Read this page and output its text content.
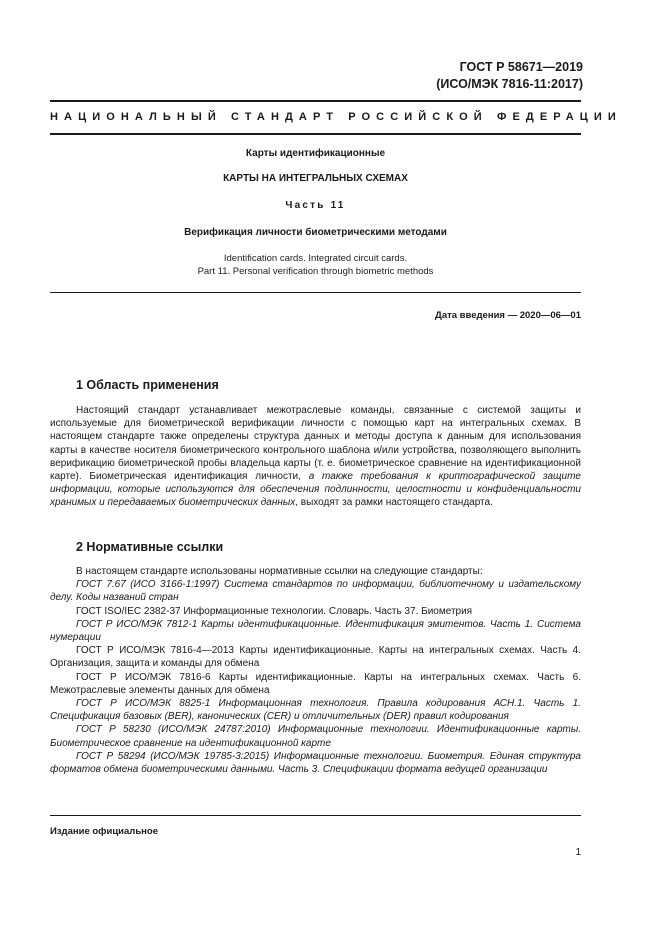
ГОСТ Р 58671—2019
(ИСО/МЭК 7816-11:2017)
НАЦИОНАЛЬНЫЙ СТАНДАРТ РОССИЙСКОЙ ФЕДЕРАЦИИ
Карты идентификационные
КАРТЫ НА ИНТЕГРАЛЬНЫХ СХЕМАХ
Часть 11
Верификация личности биометрическими методами
Identification cards. Integrated circuit cards.
Part 11. Personal verification through biometric methods
Дата введения — 2020—06—01
1 Область применения

Настоящий стандарт устанавливает межотраслевые команды, связанные с системой защиты и используемые для биометрической верификации личности с помощью карт на интегральных схемах. В настоящем стандарте также определены структура данных и методы доступа к данным для использования карты в качестве носителя биометрического контрольного шаблона и/или устройства, позволяющего выполнить верификацию биометрической пробы владельца карты (т. е. биометрическое сравнение на идентификационной карте). Биометрическая идентификация личности, а также требования к криптографической защите информации, которые используются для обеспечения подлинности, целостности и конфиденциальности хранимых и передаваемых биометрических данных, выходят за рамки настоящего стандарта.

2 Нормативные ссылки

В настоящем стандарте использованы нормативные ссылки на следующие стандарты:

ГОСТ 7.67 (ИСО 3166-1:1997) Система стандартов по информации, библиотечному и издательскому делу. Коды названий стран

ГОСТ ISO/IEC 2382-37 Информационные технологии. Словарь. Часть 37. Биометрия

ГОСТ Р ИСО/МЭК 7812-1 Карты идентификационные. Идентификация эмитентов. Часть 1. Система нумерации

ГОСТ Р ИСО/МЭК 7816-4—2013 Карты идентификационные. Карты на интегральных схемах. Часть 4. Организация, защита и команды для обмена

ГОСТ Р ИСО/МЭК 7816-6 Карты идентификационные. Карты на интегральных схемах. Часть 6. Межотраслевые элементы данных для обмена

ГОСТ Р ИСО/МЭК 8825-1 Информационная технология. Правила кодирования АСН.1. Часть 1. Спецификация базовых (BER), канонических (CER) и отличительных (DER) правил кодирования

ГОСТ Р 58230 (ИСО/МЭК 24787:2010) Информационные технологии. Идентификационные карты. Биометрическое сравнение на идентификационной карте

ГОСТ Р 58294 (ИСО/МЭК 19785-3:2015) Информационные технологии. Биометрия. Единая структура форматов обмена биометрическими данными. Часть 3. Спецификации формата ведущей организации

Издание официальное
1
